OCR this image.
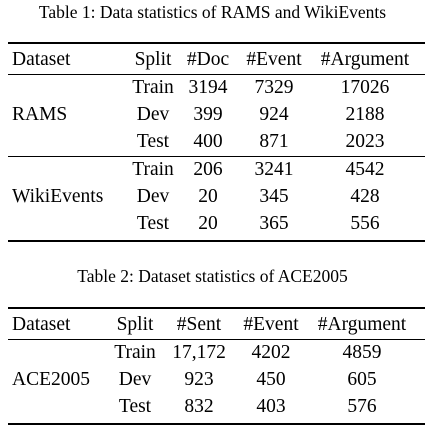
Table 1: Data statistics of RAMS and WikiEvents
Dataset	Split #Doc #Event #Argument
RAMS
Train 3194 7329 17026
Dev 399 924	2188
Test 400 871	2023
WikiEvents
Train 206 3241	4542
Dev 20 345	428
Test 20 365	556
Table 2: Dataset statistics of ACE2005
Dataset Split #Sent #Event #Argument
ACE2005
Train 17,172 4202	4859
Dev 923 450	605
Test 832 403	576
